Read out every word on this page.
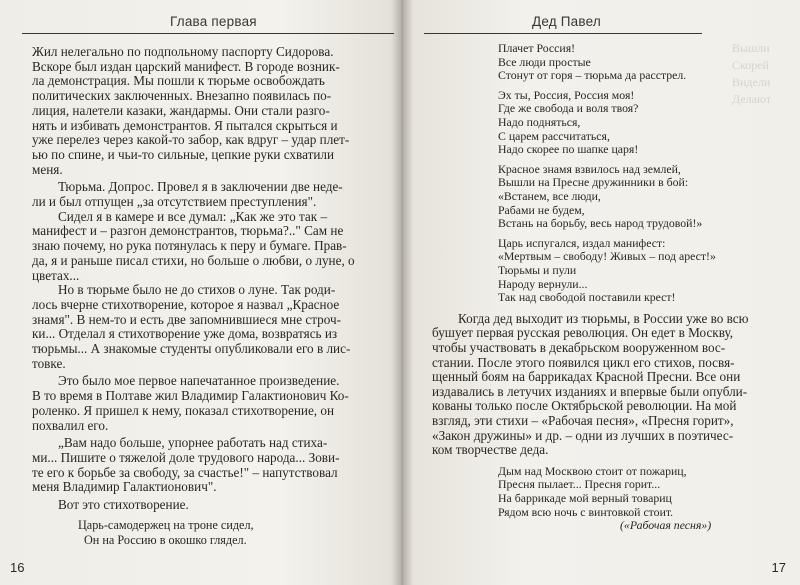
Глава первая
Жил нелегально по подпольному паспорту Сидорова.
Вскоре был издан царский манифест. В городе возник-
ла демонстрация. Мы пошли к тюрьме освобождать
политических заключенных. Внезапно появилась по-
лиция, налетели казаки, жандармы. Они стали разго-
нять и избивать демонстрантов. Я пытался скрыться и
уже перелез через какой-то забор, как вдруг – удар плет-
ью по спине, и чьи-то сильные, цепкие руки схватили
меня.
Тюрьма. Допрос. Провел я в заключении две неде-
ли и был отпущен „за отсутствием преступления".
Сидел я в камере и все думал: „Как же это так –
манифест и – разгон демонстрантов, тюрьма?.." Сам не
знаю почему, но рука потянулась к перу и бумаге. Прав-
да, я и раньше писал стихи, но больше о любви, о луне, о
цветах...
Но в тюрьме было не до стихов о луне. Так роди-
лось вчерне стихотворение, которое я назвал „Красное
знамя". В нем-то и есть две запомнившиеся мне строч-
ки... Отделал я стихотворение уже дома, возвратясь из
тюрьмы... А знакомые студенты опубликовали его в лис-
товке.
Это было мое первое напечатанное произведение.
В то время в Полтаве жил Владимир Галактионович Ко-
роленко. Я пришел к нему, показал стихотворение, он
похвалил его.
„Вам надо больше, упорнее работать над стиха-
ми... Пишите о тяжелой доле трудового народа... Зови-
те его к борьбе за свободу, за счастье!" – напутствовал
меня Владимир Галактионович".
Вот это стихотворение.
Царь-самодержец на троне сидел,
Он на Россию в окошко глядел.
16
Вышли
Скорей
Видели
Делают
Дед Павел
Плачет Россия!
Все люди простые
Стонут от горя – тюрьма да расстрел.
Эх ты, Россия, Россия моя!
Где же свобода и воля твоя?
Надо подняться,
С царем рассчитаться,
Надо скорее по шапке царя!
Красное знамя взвилось над землей,
Вышли на Пресне дружинники в бой:
«Встанем, все люди,
Рабами не будем,
Встань на борьбу, весь народ трудовой!»
Царь испугался, издал манифест:
«Мертвым – свободу! Живых – под арест!»
Тюрьмы и пули
Народу вернули...
Так над свободой поставили крест!
Когда дед выходит из тюрьмы, в России уже во всю
бушует первая русская революция. Он едет в Москву,
чтобы участвовать в декабрьском вооруженном вос-
стании. После этого появился цикл его стихов, посвя-
щенный боям на баррикадах Красной Пресни. Все они
издавались в летучих изданиях и впервые были опубли-
кованы только после Октябрьской революции. На мой
взгляд, эти стихи – «Рабочая песня», «Пресня горит»,
«Закон дружины» и др. – одни из лучших в поэтичес-
ком творчестве деда.
Дым над Москвою стоит от пожариц,
Пресня пылает... Пресня горит...
На баррикаде мой верный товариц
Рядом всю ночь с винтовкой стоит.
(«Рабочая песня»)
17
